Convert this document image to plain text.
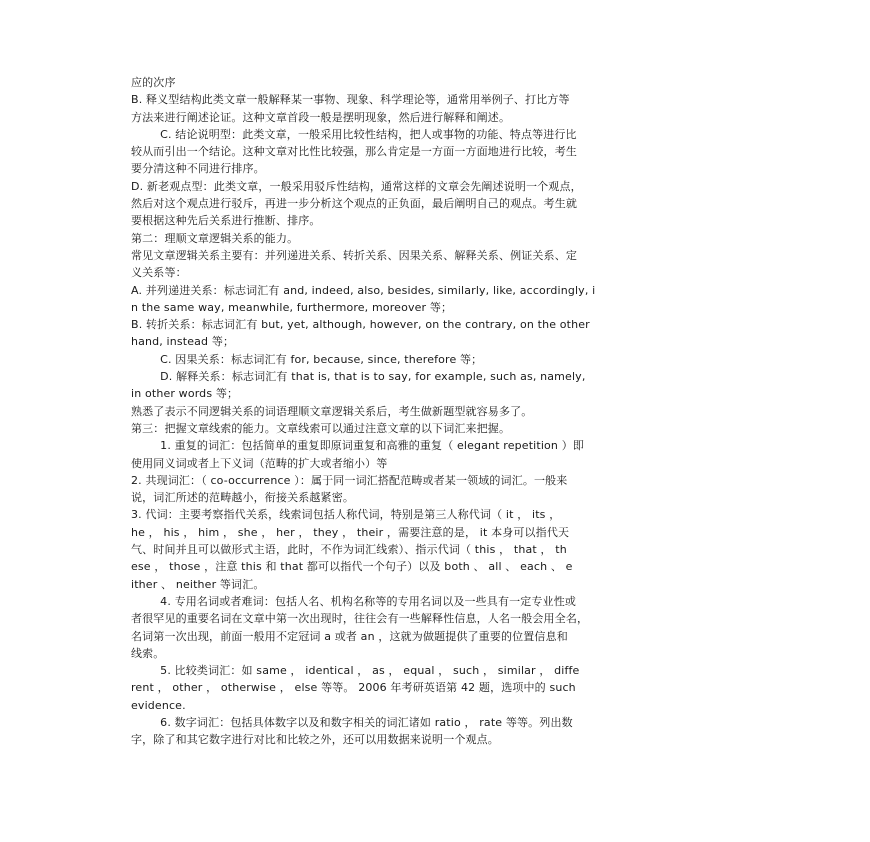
应的次序
B. 释义型结构此类文章一般解释某一事物、现象、科学理论等，通常用举例子、打比方等
方法来进行阐述论证。这种文章首段一般是摆明现象，然后进行解释和阐述。
C. 结论说明型：此类文章，一般采用比较性结构，把人或事物的功能、特点等进行比
较从而引出一个结论。这种文章对比性比较强，那么肯定是一方面一方面地进行比较，考生
要分清这种不同进行排序。
D. 新老观点型：此类文章，一般采用驳斥性结构，通常这样的文章会先阐述说明一个观点，
然后对这个观点进行驳斥，再进一步分析这个观点的正负面，最后阐明自己的观点。考生就
要根据这种先后关系进行推断、排序。
第二：理顺文章逻辑关系的能力。
常见文章逻辑关系主要有：并列递进关系、转折关系、因果关系、解释关系、例证关系、定
义关系等：
A. 并列递进关系：标志词汇有 and, indeed, also, besides, similarly, like, accordingly, i
n the same way, meanwhile, furthermore, moreover 等；
B. 转折关系：标志词汇有 but, yet, although, however, on the contrary, on the other
hand, instead 等；
C. 因果关系：标志词汇有 for, because, since, therefore 等；
D. 解释关系：标志词汇有 that is, that is to say, for example, such as, namely,
in other words 等；
熟悉了表示不同逻辑关系的词语理顺文章逻辑关系后，考生做新题型就容易多了。
第三：把握文章线索的能力。文章线索可以通过注意文章的以下词汇来把握。
1. 重复的词汇：包括简单的重复即原词重复和高雅的重复（ elegant repetition ）即
使用同义词或者上下义词（范畴的扩大或者缩小）等
2. 共现词汇：（ co-occurrence ）：属于同一词汇搭配范畴或者某一领域的词汇。一般来
说，词汇所述的范畴越小，衔接关系越紧密。
3. 代词：主要考察指代关系，线索词包括人称代词，特别是第三人称代词（ it ， its ，
he ， his ， him ， she ， her ， they ， their ，需要注意的是， it 本身可以指代天
气、时间并且可以做形式主语，此时，不作为词汇线索）、指示代词（ this ， that ， th
ese ， those ，注意 this 和 that 都可以指代一个句子）以及 both 、 all 、 each 、 e
ither 、 neither 等词汇。
4. 专用名词或者难词：包括人名、机构名称等的专用名词以及一些具有一定专业性或
者很罕见的重要名词在文章中第一次出现时，往往会有一些解释性信息，人名一般会用全名，
名词第一次出现，前面一般用不定冠词 a 或者 an ，这就为做题提供了重要的位置信息和
线索。
5. 比较类词汇：如 same ， identical ， as ， equal ， such ， similar ， diffe
rent ， other ， otherwise ， else 等等。 2006 年考研英语第 42 题，选项中的 such
evidence.
6. 数字词汇：包括具体数字以及和数字相关的词汇诸如 ratio ， rate 等等。列出数
字，除了和其它数字进行对比和比较之外，还可以用数据来说明一个观点。
